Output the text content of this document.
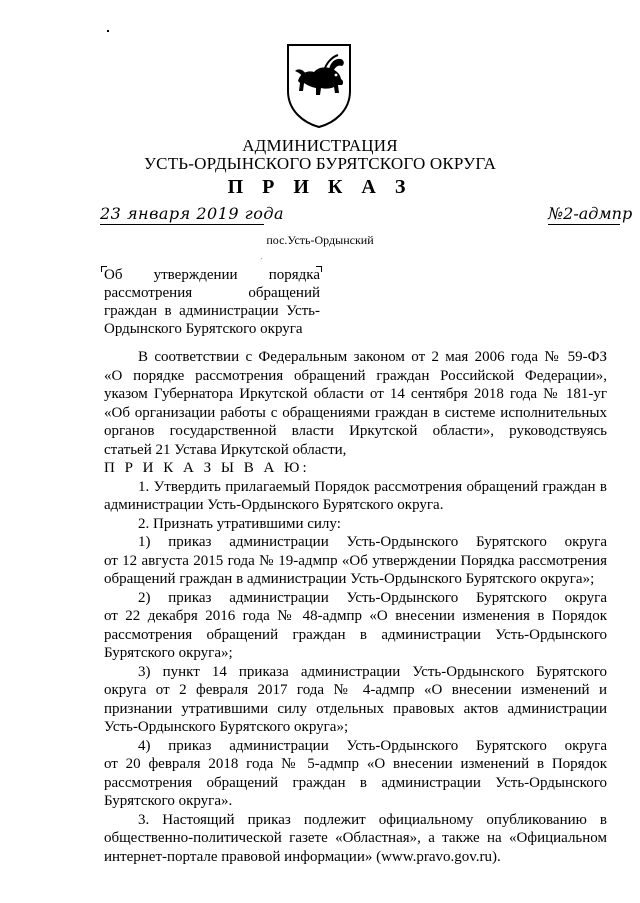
АДМИНИСТРАЦИЯ
УСТЬ-ОРДЫНСКОГО БУРЯТСКОГО ОКРУГА
П Р И К А З
23 января 2019 года	№2-адмпр
пос.Усть-Ордынский
ˊ
Об утверждении порядка
рассмотрения обращений
граждан в администрации Усть-
Ордынского Бурятского округа
В соответствии с Федеральным законом от 2 мая 2006 года № 59-ФЗ
«О порядке рассмотрения обращений граждан Российской Федерации»,
указом Губернатора Иркутской области от 14 сентября 2018 года № 181-уг
«Об организации работы с обращениями граждан в системе исполнительных
органов государственной власти Иркутской области», руководствуясь
статьей 21 Устава Иркутской области,
П Р И К А З Ы В А Ю:
1. Утвердить прилагаемый Порядок рассмотрения обращений граждан в
администрации Усть-Ордынского Бурятского округа.
2. Признать утратившими силу:
1) приказ администрации Усть-Ордынского Бурятского округа
от 12 августа 2015 года № 19-адмпр «Об утверждении Порядка рассмотрения
обращений граждан в администрации Усть-Ордынского Бурятского округа»;
2) приказ администрации Усть-Ордынского Бурятского округа
от 22 декабря 2016 года № 48-адмпр «О внесении изменения в Порядок
рассмотрения обращений граждан в администрации Усть-Ордынского
Бурятского округа»;
3) пункт 14 приказа администрации Усть-Ордынского Бурятского
округа от 2 февраля 2017 года № 4-адмпр «О внесении изменений и
признании утратившими силу отдельных правовых актов администрации
Усть-Ордынского Бурятского округа»;
4) приказ администрации Усть-Ордынского Бурятского округа
от 20 февраля 2018 года № 5-адмпр «О внесении изменений в Порядок
рассмотрения обращений граждан в администрации Усть-Ордынского
Бурятского округа».
3. Настоящий приказ подлежит официальному опубликованию в
общественно-политической газете «Областная», а также на «Официальном
интернет-портале правовой информации» (www.pravo.gov.ru).
